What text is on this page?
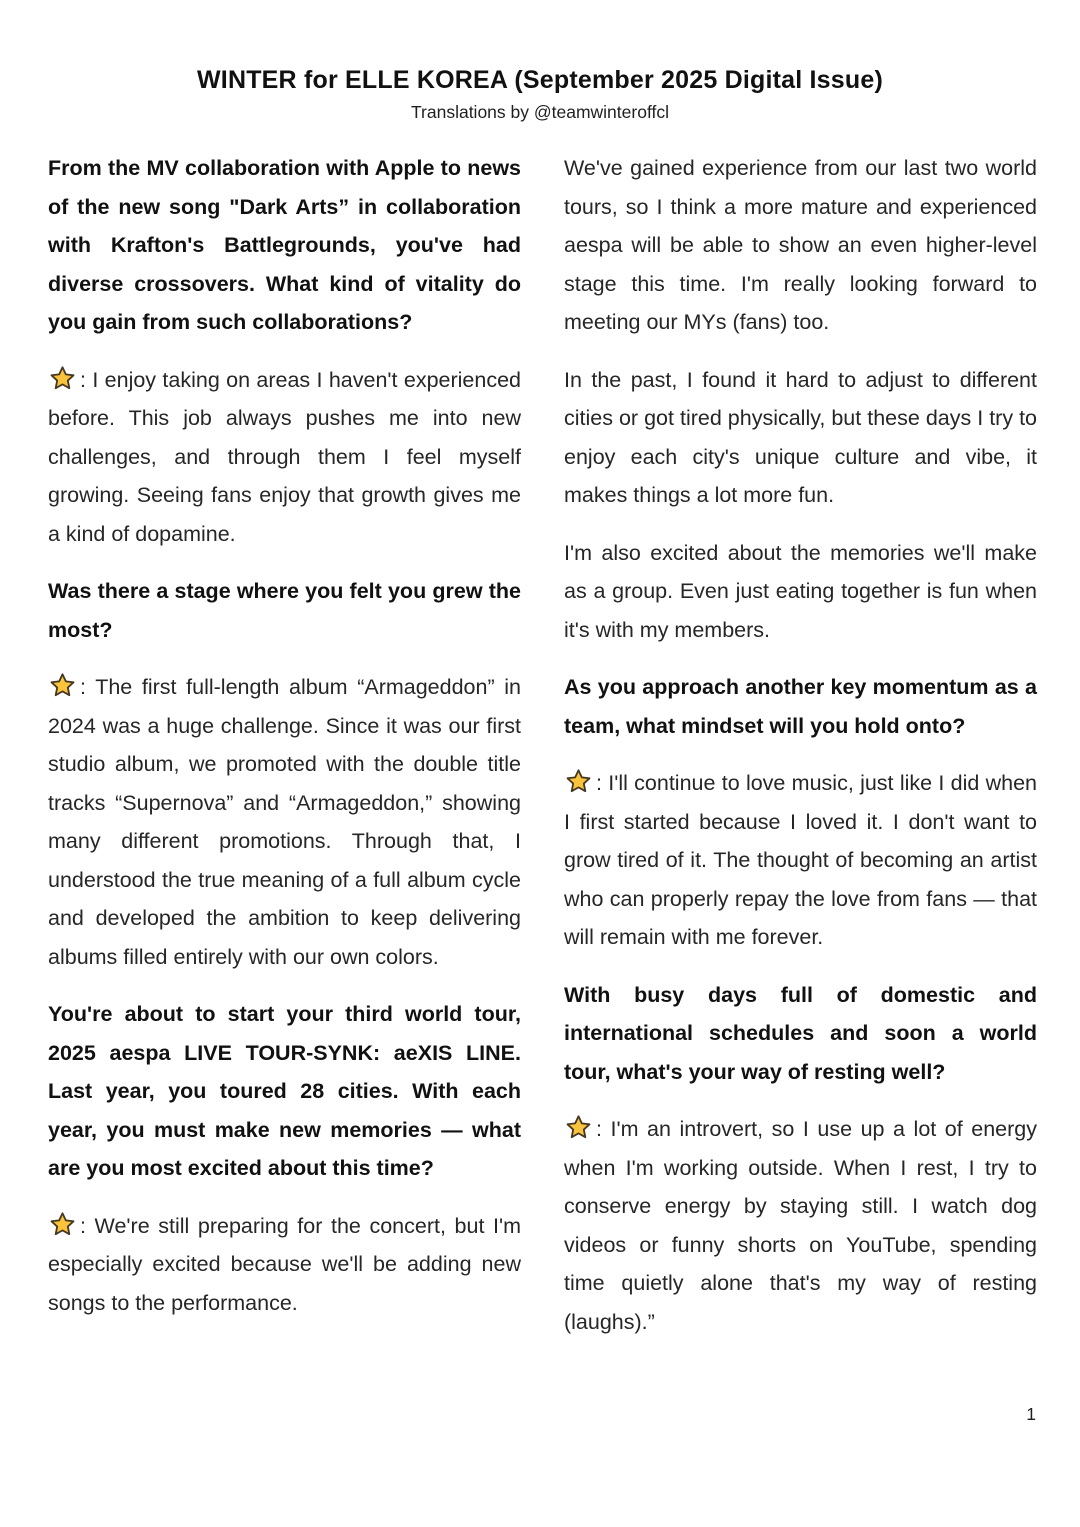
WINTER for ELLE KOREA (September 2025 Digital Issue)
Translations by @teamwinteroffcl

From the MV collaboration with Apple to news of the new song "Dark Arts” in collaboration with Krafton's Battlegrounds, you've had diverse crossovers. What kind of vitality do you gain from such collaborations?

: I enjoy taking on areas I haven't experienced before. This job always pushes me into new challenges, and through them I feel myself growing. Seeing fans enjoy that growth gives me a kind of dopamine.

Was there a stage where you felt you grew the most?

: The first full-length album “Armageddon” in 2024 was a huge challenge. Since it was our first studio album, we promoted with the double title tracks “Supernova” and “Armageddon,” showing many different promotions. Through that, I understood the true meaning of a full album cycle and developed the ambition to keep delivering albums filled entirely with our own colors.

You're about to start your third world tour, 2025 aespa LIVE TOUR-SYNK: aeXIS LINE. Last year, you toured 28 cities. With each year, you must make new memories — what are you most excited about this time?

: We're still preparing for the concert, but I'm especially excited because we'll be adding new songs to the performance.

We've gained experience from our last two world tours, so I think a more mature and experienced aespa will be able to show an even higher-level stage this time. I'm really looking forward to meeting our MYs (fans) too.

In the past, I found it hard to adjust to different cities or got tired physically, but these days I try to enjoy each city's unique culture and vibe, it makes things a lot more fun.

I'm also excited about the memories we'll make as a group. Even just eating together is fun when it's with my members.

As you approach another key momentum as a team, what mindset will you hold onto?

: I'll continue to love music, just like I did when I first started because I loved it. I don't want to grow tired of it. The thought of becoming an artist who can properly repay the love from fans — that will remain with me forever.

With busy days full of domestic and international schedules and soon a world tour, what's your way of resting well?

: I'm an introvert, so I use up a lot of energy when I'm working outside. When I rest, I try to conserve energy by staying still. I watch dog videos or funny shorts on YouTube, spending time quietly alone that's my way of resting (laughs).”

1
